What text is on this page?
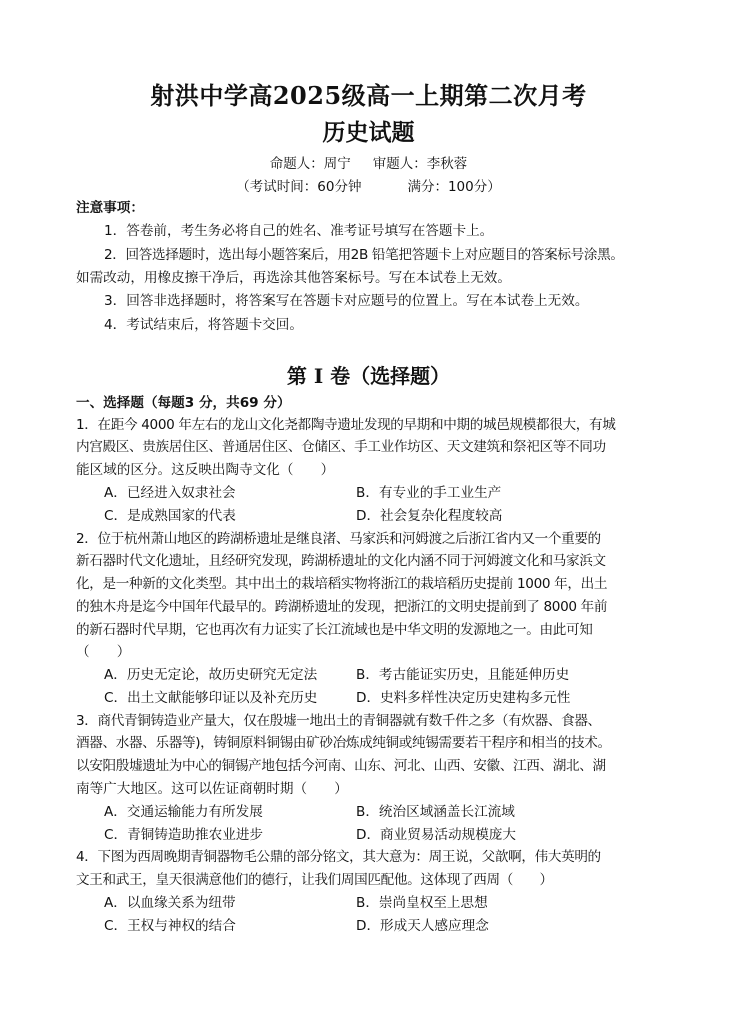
射洪中学高2025级高一上期第二次月考
历史试题
命题人：周宁 审题人：李秋蓉
（考试时间：60分钟	满分：100分）
注意事项：
1．答卷前，考生务必将自己的姓名、准考证号填写在答题卡上。
2．回答选择题时，选出每小题答案后，用2B 铅笔把答题卡上对应题目的答案标号涂黑。
如需改动，用橡皮擦干净后，再选涂其他答案标号。写在本试卷上无效。
3．回答非选择题时，将答案写在答题卡对应题号的位置上。写在本试卷上无效。
4．考试结束后，将答题卡交回。
第 I 卷（选择题）
一、选择题（每题3 分，共69 分）
1．在距今 4000 年左右的龙山文化尧都陶寺遗址发现的早期和中期的城邑规模都很大，有城
内宫殿区、贵族居住区、普通居住区、仓储区、手工业作坊区、天文建筑和祭祀区等不同功
能区域的区分。这反映出陶寺文化（　　）
A．已经进入奴隶社会	B．有专业的手工业生产
C．是成熟国家的代表	D．社会复杂化程度较高
2．位于杭州萧山地区的跨湖桥遗址是继良渚、马家浜和河姆渡之后浙江省内又一个重要的
新石器时代文化遗址，且经研究发现，跨湖桥遗址的文化内涵不同于河姆渡文化和马家浜文
化，是一种新的文化类型。其中出土的栽培稻实物将浙江的栽培稻历史提前 1000 年，出土
的独木舟是迄今中国年代最早的。跨湖桥遗址的发现，把浙江的文明史提前到了 8000 年前
的新石器时代早期，它也再次有力证实了长江流域也是中华文明的发源地之一。由此可知
（　　）
A．历史无定论，故历史研究无定法	B．考古能证实历史，且能延伸历史
C．出土文献能够印证以及补充历史	D．史料多样性决定历史建构多元性
3．商代青铜铸造业产量大，仅在殷墟一地出土的青铜器就有数千件之多（有炊器、食器、
酒器、水器、乐器等)，铸铜原料铜锡由矿砂冶炼成纯铜或纯锡需要若干程序和相当的技术。
以安阳殷墟遗址为中心的铜锡产地包括今河南、山东、河北、山西、安徽、江西、湖北、湖
南等广大地区。这可以佐证商朝时期（　　）
A．交通运输能力有所发展	B．统治区域涵盖长江流域
C．青铜铸造助推农业进步	D．商业贸易活动规模庞大
4．下图为西周晚期青铜器物毛公鼎的部分铭文，其大意为：周王说，父歆啊，伟大英明的
文王和武王，皇天很满意他们的德行，让我们周国匹配他。这体现了西周（　　）
A．以血缘关系为纽带	B．崇尚皇权至上思想
C．王权与神权的结合	D．形成天人感应理念
